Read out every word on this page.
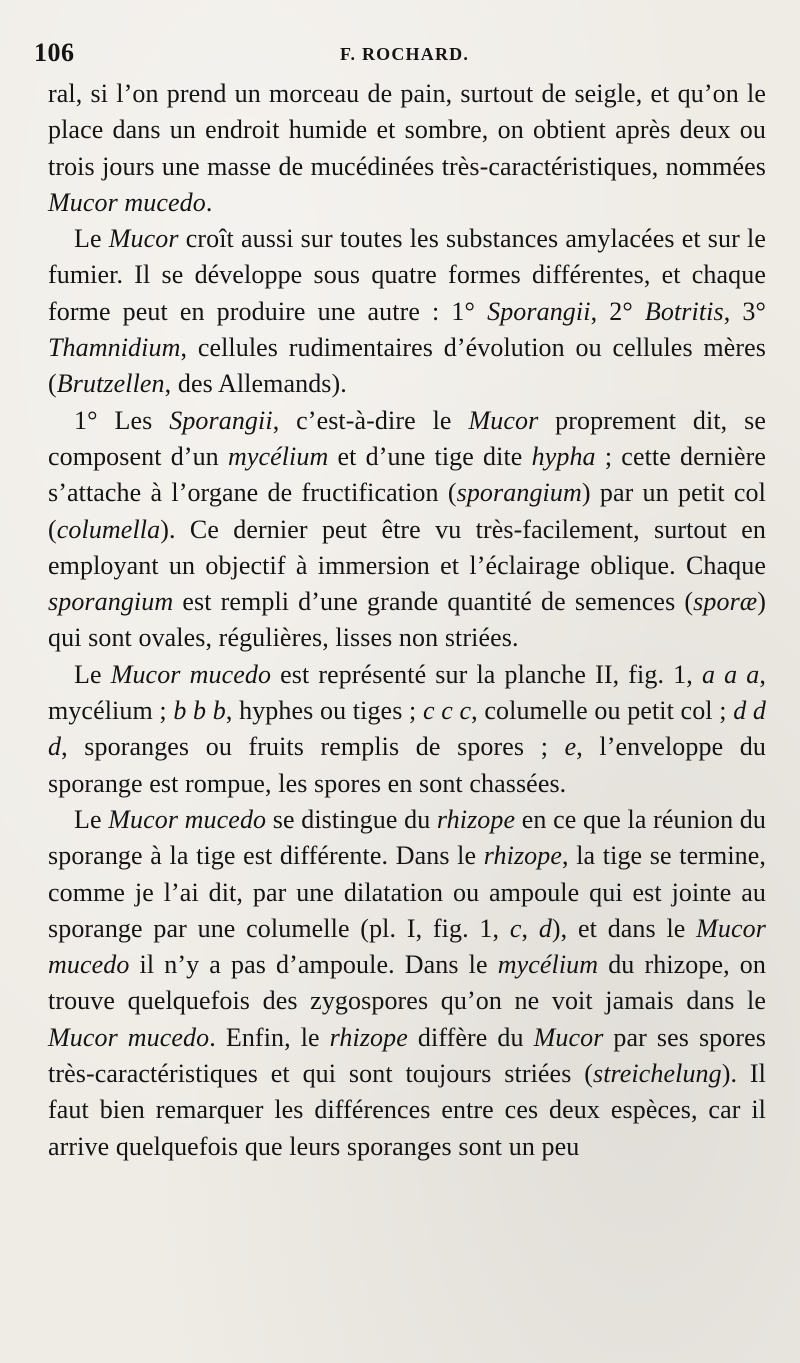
106	F. ROCHARD.

ral, si l’on prend un morceau de pain, surtout de seigle, et qu’on le place dans un endroit humide et sombre, on obtient après deux ou trois jours une masse de mucédinées très-caractéristiques, nommées Mucor mucedo.

Le Mucor croît aussi sur toutes les substances amylacées et sur le fumier. Il se développe sous quatre formes différentes, et chaque forme peut en produire une autre : 1° Sporangii, 2° Botritis, 3° Thamnidium, cellules rudimentaires d’évolution ou cellules mères (Brutzellen, des Allemands).

1° Les Sporangii, c’est-à-dire le Mucor proprement dit, se composent d’un mycélium et d’une tige dite hypha ; cette dernière s’attache à l’organe de fructification (sporangium) par un petit col (columella). Ce dernier peut être vu très-facilement, surtout en employant un objectif à immersion et l’éclairage oblique. Chaque sporangium est rempli d’une grande quantité de semences (sporæ) qui sont ovales, régulières, lisses non striées.

Le Mucor mucedo est représenté sur la planche II, fig. 1, a a a, mycélium ; b b b, hyphes ou tiges ; c c c, columelle ou petit col ; d d d, sporanges ou fruits remplis de spores ; e, l’enveloppe du sporange est rompue, les spores en sont chassées.

Le Mucor mucedo se distingue du rhizope en ce que la réunion du sporange à la tige est différente. Dans le rhizope, la tige se termine, comme je l’ai dit, par une dilatation ou ampoule qui est jointe au sporange par une columelle (pl. I, fig. 1, c, d), et dans le Mucor mucedo il n’y a pas d’ampoule. Dans le mycélium du rhizope, on trouve quelquefois des zygospores qu’on ne voit jamais dans le Mucor mucedo. Enfin, le rhizope diffère du Mucor par ses spores très-caractéristiques et qui sont toujours striées (streichelung). Il faut bien remarquer les différences entre ces deux espèces, car il arrive quelquefois que leurs sporanges sont un peu
